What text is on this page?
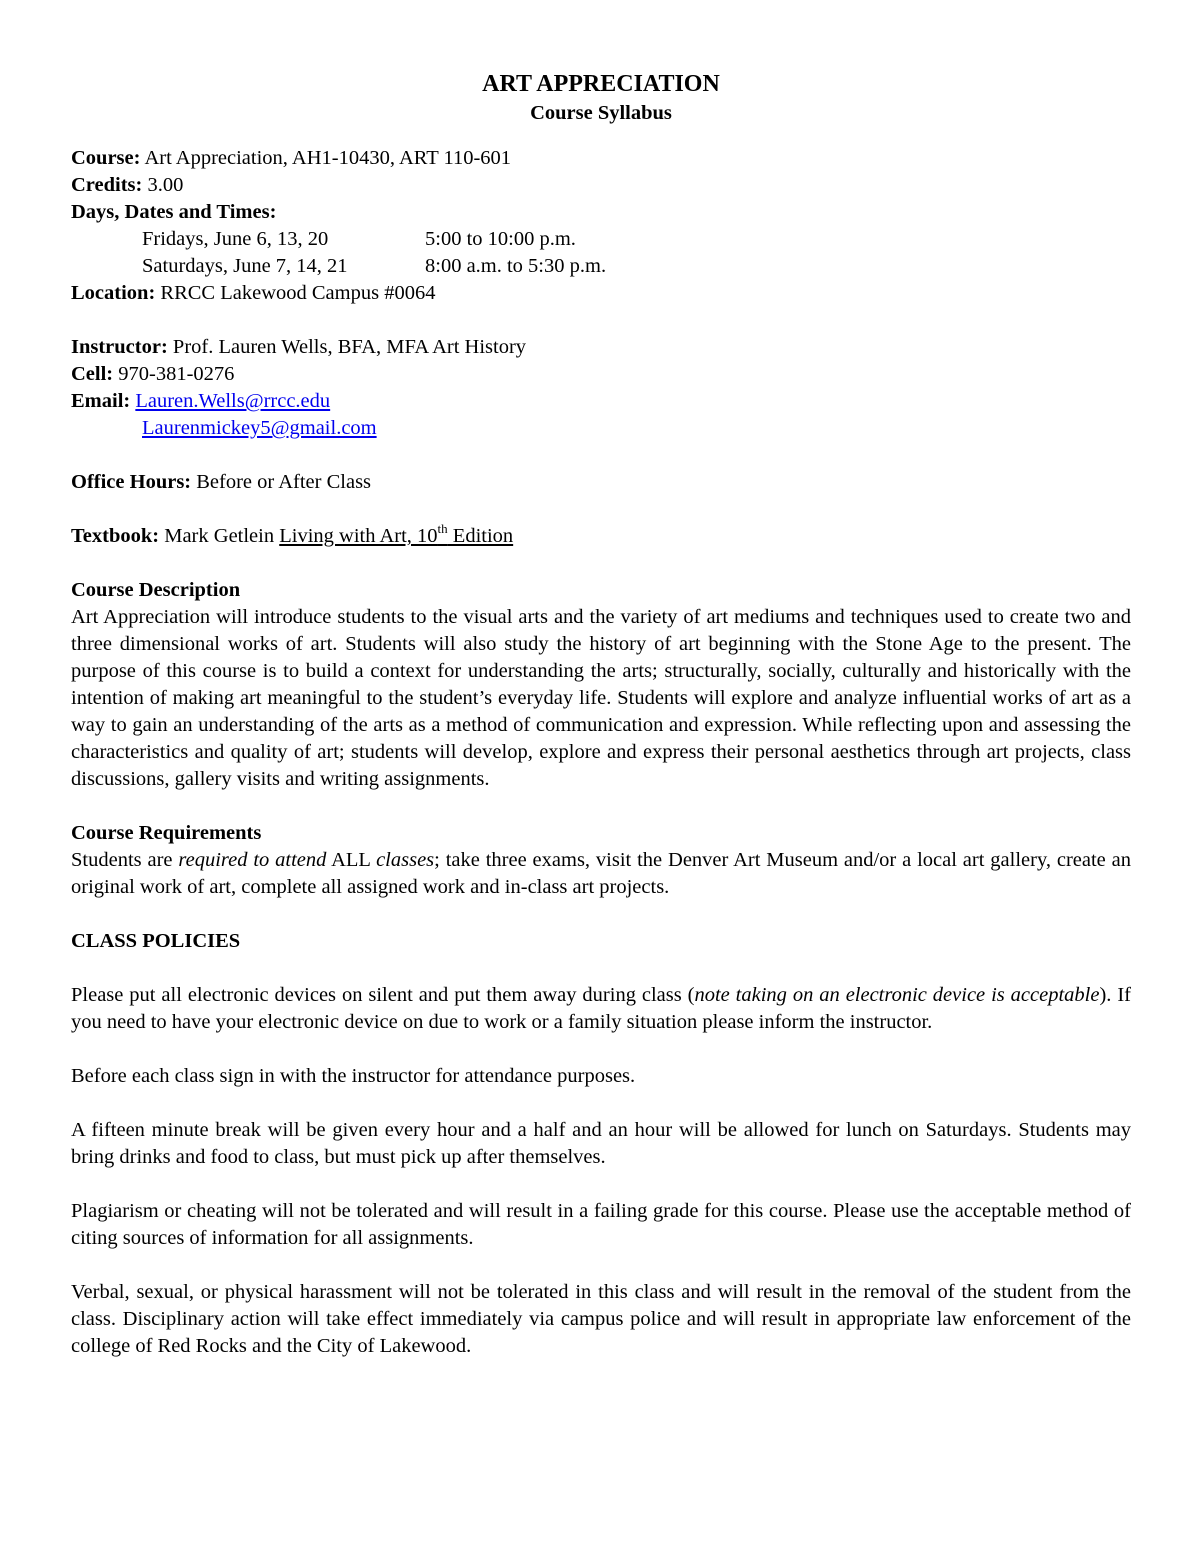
ART APPRECIATION

Course Syllabus

Course: Art Appreciation, AH1-10430, ART 110-601

Credits: 3.00

Days, Dates and Times:

Fridays, June 6, 13, 20	5:00 to 10:00 p.m.
Saturdays, June 7, 14, 21	8:00 a.m. to 5:30 p.m.

Location: RRCC Lakewood Campus #0064

Instructor: Prof. Lauren Wells, BFA, MFA Art History

Cell: 970-381-0276

Email: Lauren.Wells@rrcc.edu

Laurenmickey5@gmail.com

Office Hours: Before or After Class

Textbook: Mark Getlein Living with Art, 10th Edition

Course Description

Art Appreciation will introduce students to the visual arts and the variety of art mediums and techniques used to create two and three dimensional works of art. Students will also study the history of art beginning with the Stone Age to the present. The purpose of this course is to build a context for understanding the arts; structurally, socially, culturally and historically with the intention of making art meaningful to the student’s everyday life. Students will explore and analyze influential works of art as a way to gain an understanding of the arts as a method of communication and expression. While reflecting upon and assessing the characteristics and quality of art; students will develop, explore and express their personal aesthetics through art projects, class discussions, gallery visits and writing assignments.

Course Requirements

Students are required to attend ALL classes; take three exams, visit the Denver Art Museum and/or a local art gallery, create an original work of art, complete all assigned work and in-class art projects.

CLASS POLICIES

Please put all electronic devices on silent and put them away during class (note taking on an electronic device is acceptable). If you need to have your electronic device on due to work or a family situation please inform the instructor.

Before each class sign in with the instructor for attendance purposes.

A fifteen minute break will be given every hour and a half and an hour will be allowed for lunch on Saturdays. Students may bring drinks and food to class, but must pick up after themselves.

Plagiarism or cheating will not be tolerated and will result in a failing grade for this course. Please use the acceptable method of citing sources of information for all assignments.

Verbal, sexual, or physical harassment will not be tolerated in this class and will result in the removal of the student from the class. Disciplinary action will take effect immediately via campus police and will result in appropriate law enforcement of the college of Red Rocks and the City of Lakewood.
